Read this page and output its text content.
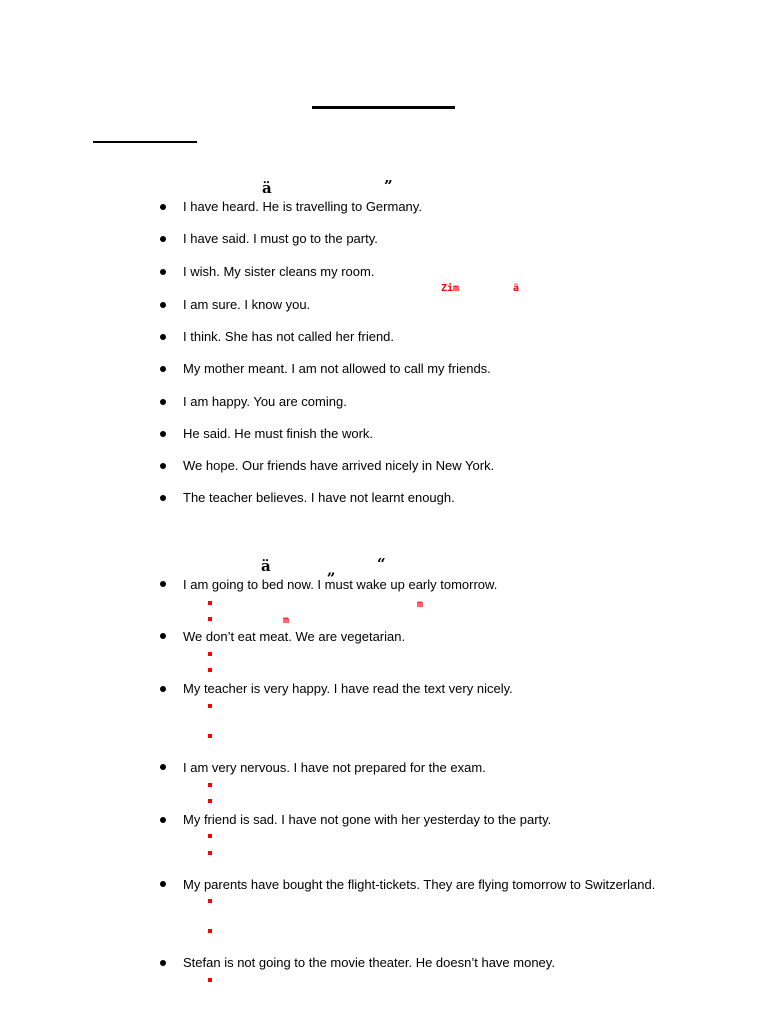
ä	”
I have heard. He is travelling to Germany.
I have said. I must go to the party.
I wish. My sister cleans my room.
I am sure. I know you.
I think. She has not called her friend.
My mother meant. I am not allowed to call my friends.
I am happy. You are coming.
He said. He must finish the work.
We hope. Our friends have arrived nicely in New York.
The teacher believes. I have not learnt enough.
Zim	ä
ä	„	“
I am going to bed now. I must wake up early tomorrow.
We don’t eat meat. We are vegetarian.
My teacher is very happy. I have read the text very nicely.
I am very nervous. I have not prepared for the exam.
My friend is sad. I have not gone with her yesterday to the party.
My parents have bought the flight-tickets. They are flying tomorrow to Switzerland.
Stefan is not going to the movie theater. He doesn’t have money.
m
m
